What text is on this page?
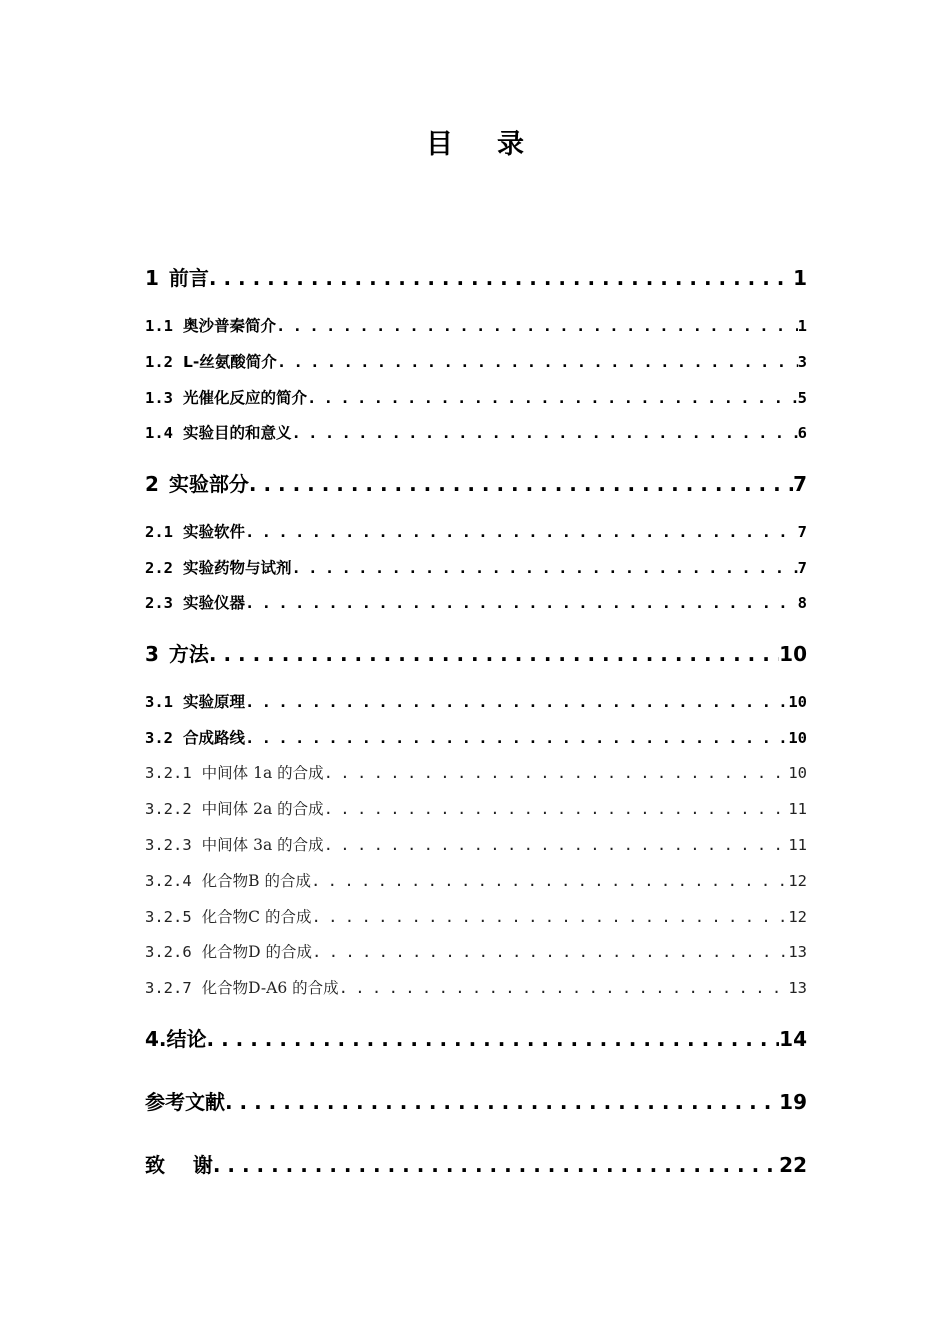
目录
1 前言 . . .	1
1.1 奥沙普秦简介 . . .	1
1.2 L-丝氨酸简介 . . .	3
1.3 光催化反应的简介 . . .	5
1.4 实验目的和意义 . . .	6
2 实验部分 . . .	7
2.1 实验软件 . . .	7
2.2 实验药物与试剂 . . .	7
2.3 实验仪器 . . .	8
3 方法 . . .	10
3.1 实验原理 . . .	10
3.2 合成路线 . . .	10
3.2.1 中间体 1a 的合成 . . .	10
3.2.2 中间体 2a 的合成 . . .	11
3.2.3 中间体 3a 的合成 . . .	11
3.2.4 化合物B 的合成 . . .	12
3.2.5 化合物C 的合成 . . .	12
3.2.6 化合物D 的合成 . . .	13
3.2.7 化合物D-A6 的合成 . . .	13
4.结论 . . .	14
参考文献 . . .	19
致    谢 . . .	22
